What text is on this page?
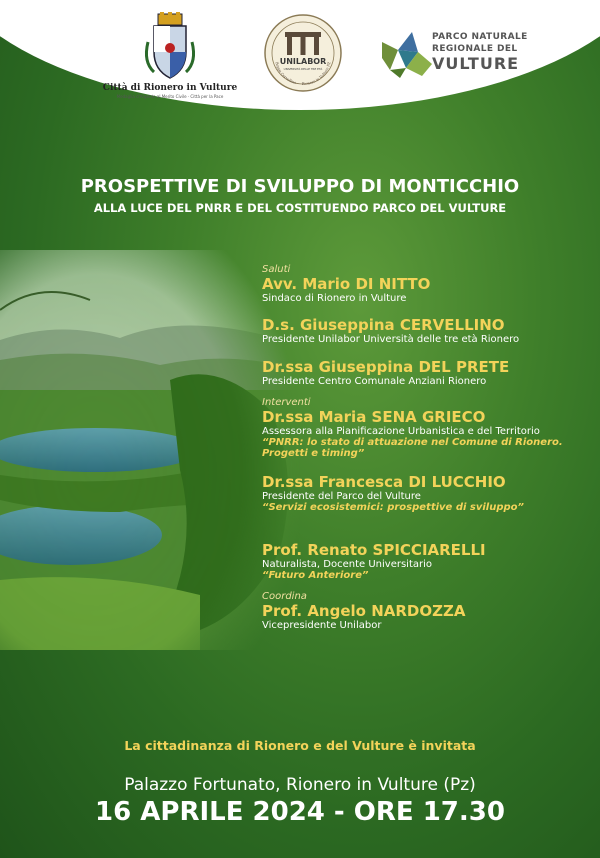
Città di Rionero in Vulture
Medaglia d'Argento al Merito Civile · Città per la Pace
UNILABOR
UNIVERSITÀ DELLE TRE ETÀ
Beppe Cervellino — Rionero in Vulture PZ
PARCO NATURALE
REGIONALE DEL
VULTURE
PROSPETTIVE DI SVILUPPO DI MONTICCHIO
ALLA LUCE DEL PNRR E DEL COSTITUENDO PARCO DEL VULTURE

Saluti

Avv. Mario DI NITTO

Sindaco di Rionero in Vulture

D.s. Giuseppina CERVELLINO

Presidente Unilabor Università delle tre età Rionero

Dr.ssa Giuseppina DEL PRETE

Presidente Centro Comunale Anziani Rionero

Interventi

Dr.ssa Maria SENA GRIECO

Assessora alla Pianificazione Urbanistica e del Territorio

“PNRR: lo stato di attuazione nel Comune di Rionero.

Progetti e timing”

Dr.ssa Francesca DI LUCCHIO

Presidente del Parco del Vulture

“Servizi ecosistemici: prospettive di sviluppo”

Prof. Renato SPICCIARELLI

Naturalista, Docente Universitario

“Futuro Anteriore”

Coordina

Prof. Angelo NARDOZZA

Vicepresidente Unilabor

La cittadinanza di Rionero e del Vulture è invitata
Palazzo Fortunato, Rionero in Vulture (Pz)
16 APRILE 2024 - ORE 17.30
